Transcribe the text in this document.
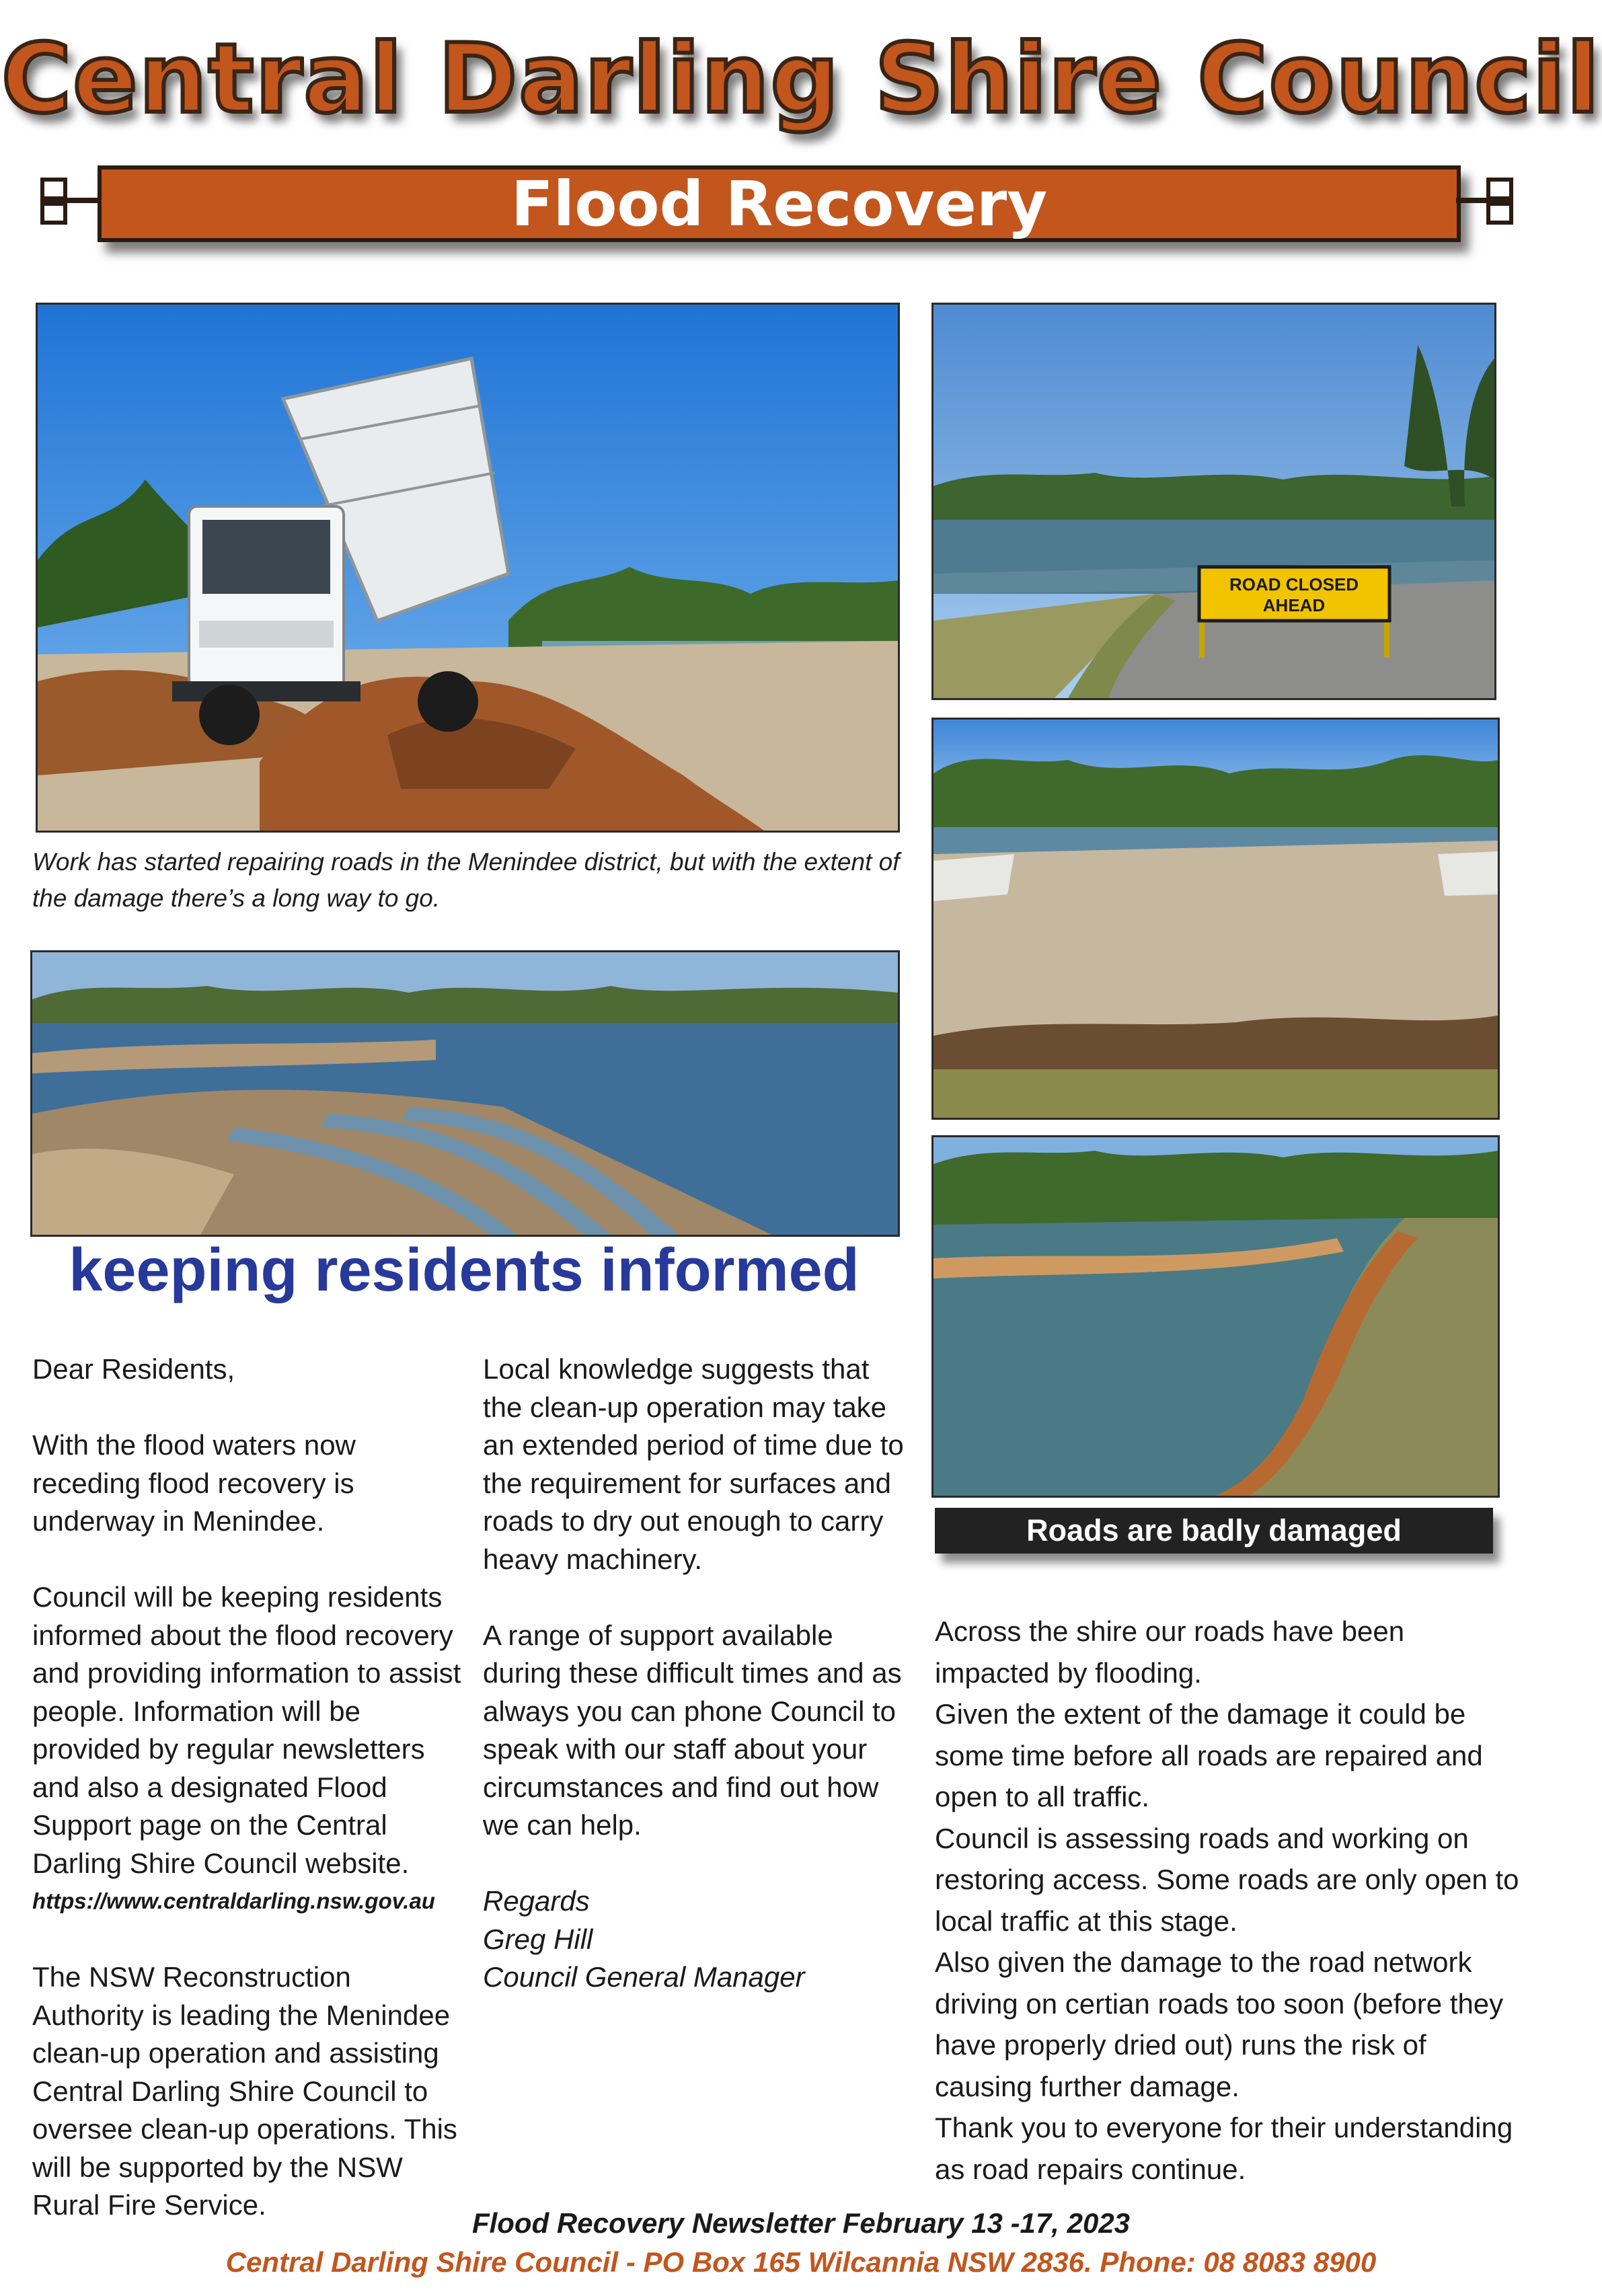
Central Darling Shire Council
Flood Recovery
Work has started repairing roads in the Menindee district, but with the extent of the damage there’s a long way to go.
ROAD CLOSED
AHEAD
Roads are badly damaged
keeping residents informed

Dear Residents,

With the flood waters now receding flood recovery is underway in Menindee.

Council will be keeping residents informed about the flood recovery and providing information to assist people. Information will be provided by regular newsletters and also a designated Flood Support page on the Central Darling Shire Council website.

https://www.centraldarling.nsw.gov.au

The NSW Reconstruction Authority is leading the Menindee clean-up operation and assisting Central Darling Shire Council to oversee clean-up operations. This will be supported by the NSW Rural Fire Service.

Local knowledge suggests that the clean-up operation may take an extended period of time due to the requirement for surfaces and roads to dry out enough to carry heavy machinery.

A range of support available during these difficult times and as always you can phone Council to speak with our staff about your circumstances and find out how we can help.

Regards

Greg Hill

Council General Manager

Across the shire our roads have been impacted by flooding.

Given the extent of the damage it could be some time before all roads are repaired and open to all traffic.

Council is assessing roads and working on restoring access. Some roads are only open to local traffic at this stage.

Also given the damage to the road network driving on certian roads too soon (before they have properly dried out) runs the risk of causing further damage.

Thank you to everyone for their understanding as road repairs continue.

Flood Recovery Newsletter February 13 -17, 2023
Central Darling Shire Council - PO Box 165 Wilcannia NSW 2836. Phone: 08 8083 8900
